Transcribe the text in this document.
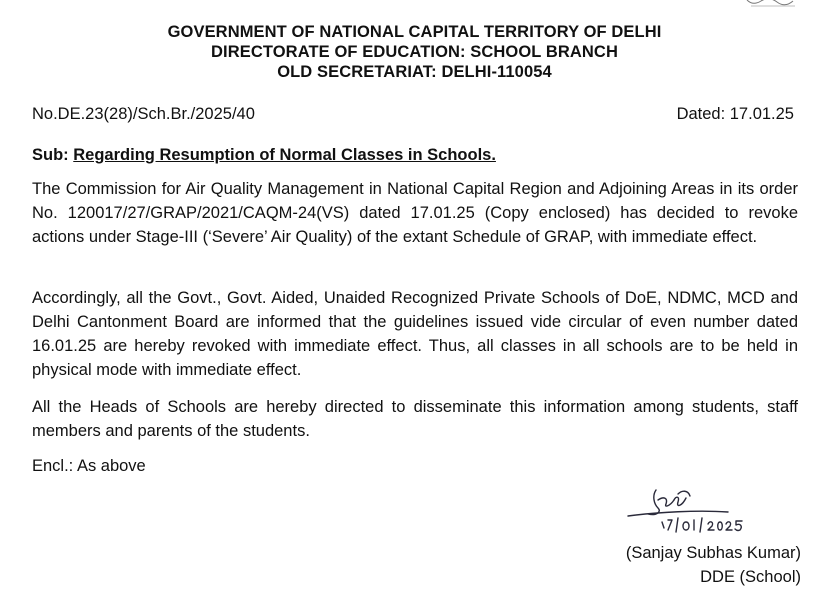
GOVERNMENT OF NATIONAL CAPITAL TERRITORY OF DELHI
DIRECTORATE OF EDUCATION: SCHOOL BRANCH
OLD SECRETARIAT: DELHI-110054
No.DE.23(28)/Sch.Br./2025/40	Dated: 17.01.25
Sub: Regarding Resumption of Normal Classes in Schools.
The Commission for Air Quality Management in National Capital Region and Adjoining Areas in its order No. 120017/27/GRAP/2021/CAQM-24(VS) dated 17.01.25 (Copy enclosed) has decided to revoke actions under Stage-III (‘Severe’ Air Quality) of the extant Schedule of GRAP, with immediate effect.
Accordingly, all the Govt., Govt. Aided, Unaided Recognized Private Schools of DoE, NDMC, MCD and Delhi Cantonment Board are informed that the guidelines issued vide circular of even number dated 16.01.25 are hereby revoked with immediate effect. Thus, all classes in all schools are to be held in physical mode with immediate effect.
All the Heads of Schools are hereby directed to disseminate this information among students, staff members and parents of the students.
Encl.: As above
(Sanjay Subhas Kumar)
DDE (School)
